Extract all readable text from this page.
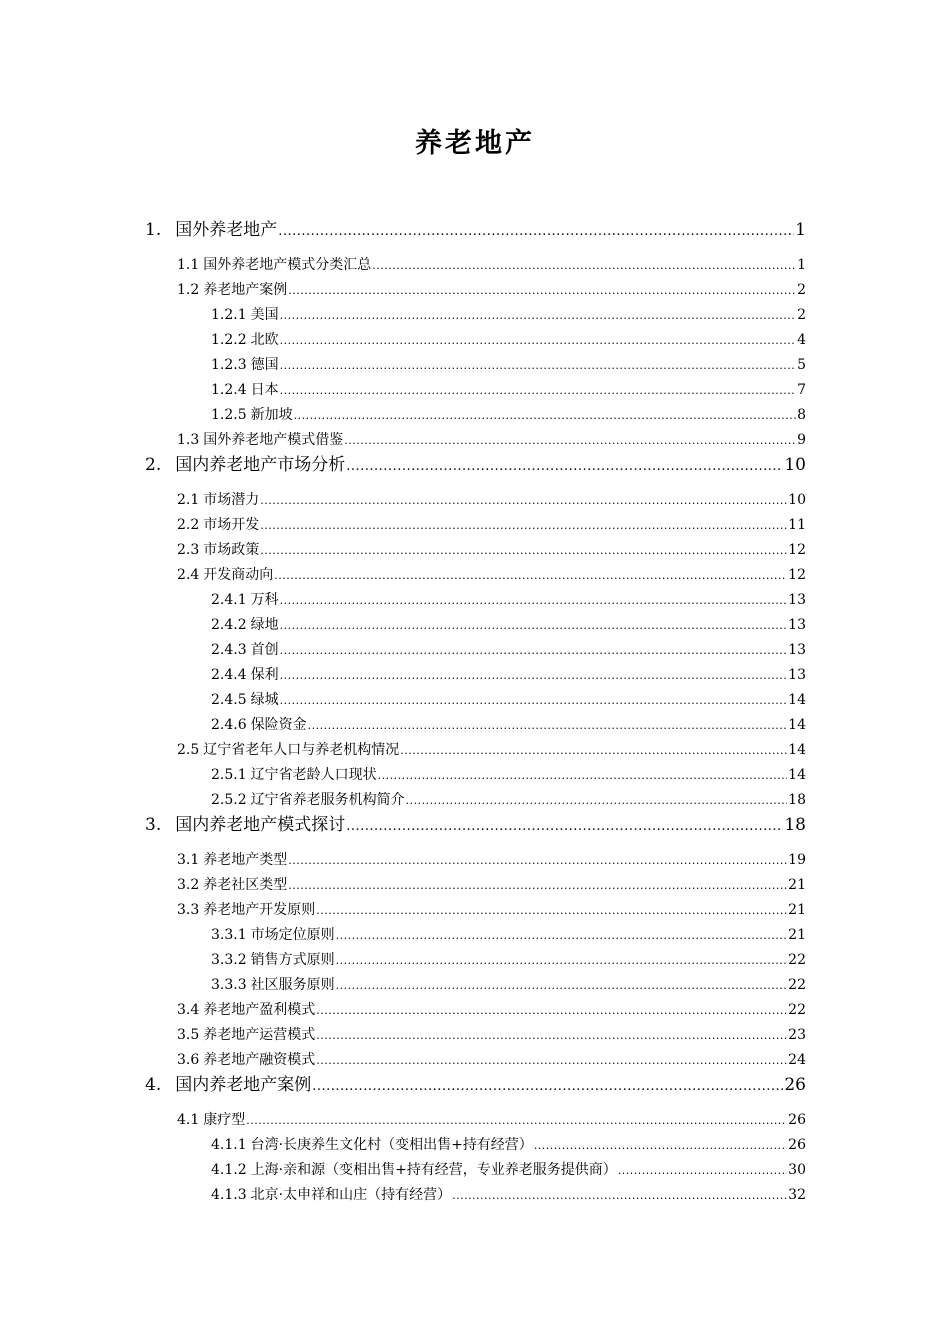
养老地产
1. 国外养老地产 .....	1
1.1 国外养老地产模式分类汇总 .....	1
1.2 养老地产案例 .....	2
1.2.1 美国 .....	2
1.2.2 北欧 .....	4
1.2.3 德国 .....	5
1.2.4 日本 .....	7
1.2.5 新加坡 .....	8
1.3 国外养老地产模式借鉴 .....	9
2. 国内养老地产市场分析 .....	10
2.1 市场潜力 .....	10
2.2 市场开发 .....	11
2.3 市场政策 .....	12
2.4 开发商动向 .....	12
2.4.1 万科 .....	13
2.4.2 绿地 .....	13
2.4.3 首创 .....	13
2.4.4 保利 .....	13
2.4.5 绿城 .....	14
2.4.6 保险资金 .....	14
2.5 辽宁省老年人口与养老机构情况 .....	14
2.5.1 辽宁省老龄人口现状 .....	14
2.5.2 辽宁省养老服务机构简介 .....	18
3. 国内养老地产模式探讨 .....	18
3.1 养老地产类型 .....	19
3.2 养老社区类型 .....	21
3.3 养老地产开发原则 .....	21
3.3.1 市场定位原则 .....	21
3.3.2 销售方式原则 .....	22
3.3.3 社区服务原则 .....	22
3.4 养老地产盈利模式 .....	22
3.5 养老地产运营模式 .....	23
3.6 养老地产融资模式 .....	24
4. 国内养老地产案例 .....	26
4.1 康疗型 .....	26
4.1.1 台湾·长庚养生文化村（变相出售+持有经营） .....	26
4.1.2 上海·亲和源（变相出售+持有经营，专业养老服务提供商） .....	30
4.1.3 北京·太申祥和山庄（持有经营） .....	32
